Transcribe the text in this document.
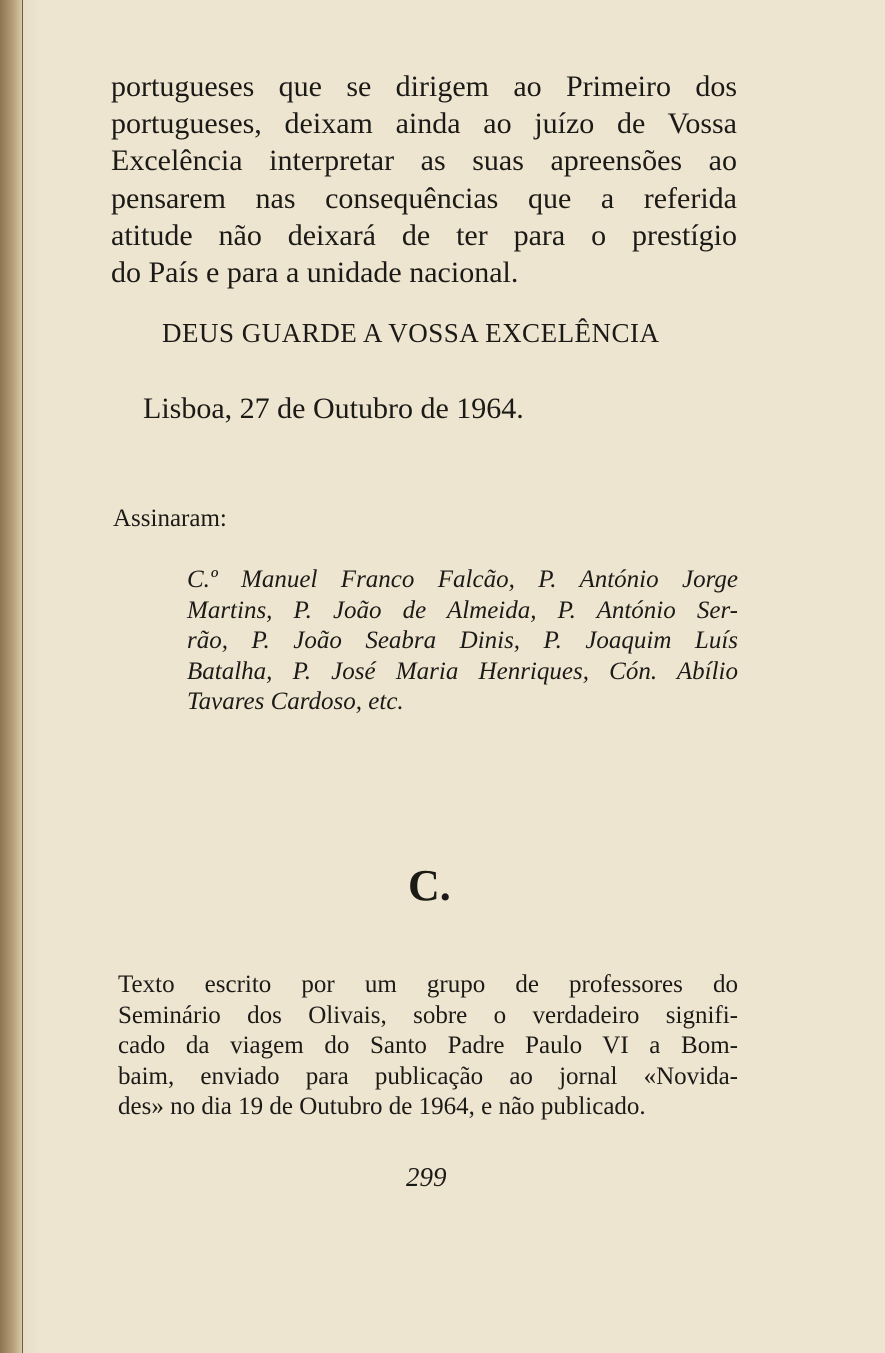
portugueses que se dirigem ao Primeiro dos
portugueses, deixam ainda ao juízo de Vossa
Excelência interpretar as suas apreensões ao
pensarem nas consequências que a referida
atitude não deixará de ter para o prestígio
do País e para a unidade nacional.
DEUS GUARDE A VOSSA EXCELÊNCIA
Lisboa, 27 de Outubro de 1964.
Assinaram:
C.º Manuel Franco Falcão, P. António Jorge
Martins, P. João de Almeida, P. António Ser-
rão, P. João Seabra Dinis, P. Joaquim Luís
Batalha, P. José Maria Henriques, Cón. Abílio
Tavares Cardoso, etc.
C.
Texto escrito por um grupo de professores do
Seminário dos Olivais, sobre o verdadeiro signifi-
cado da viagem do Santo Padre Paulo VI a Bom-
baim, enviado para publicação ao jornal «Novida-
des» no dia 19 de Outubro de 1964, e não publicado.
299
